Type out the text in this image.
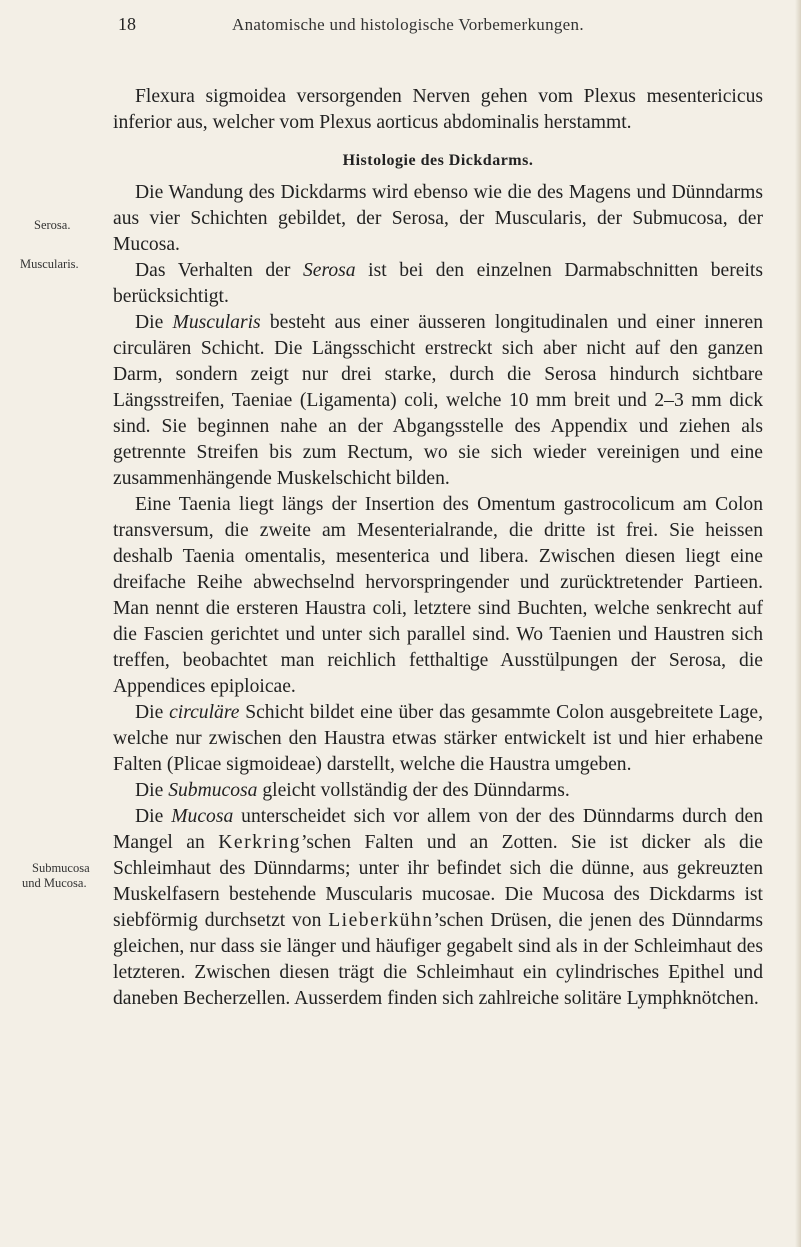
18	Anatomische und histologische Vorbemerkungen.
Serosa.
Muscularis.
Submucosa
und Mucosa.

Flexura sigmoidea versorgenden Nerven gehen vom Plexus mesentericicus inferior aus, welcher vom Plexus aorticus abdominalis herstammt.

Histologie des Dickdarms.

Die Wandung des Dickdarms wird ebenso wie die des Magens und Dünndarms aus vier Schichten gebildet, der Serosa, der Muscularis, der Submucosa, der Mucosa.

Das Verhalten der Serosa ist bei den einzelnen Darmabschnitten bereits berücksichtigt.

Die Muscularis besteht aus einer äusseren longitudinalen und einer inneren circulären Schicht. Die Längsschicht erstreckt sich aber nicht auf den ganzen Darm, sondern zeigt nur drei starke, durch die Serosa hindurch sichtbare Längsstreifen, Taeniae (Ligamenta) coli, welche 10 mm breit und 2–3 mm dick sind. Sie beginnen nahe an der Abgangsstelle des Appendix und ziehen als getrennte Streifen bis zum Rectum, wo sie sich wieder vereinigen und eine zusammenhängende Muskelschicht bilden.

Eine Taenia liegt längs der Insertion des Omentum gastrocolicum am Colon transversum, die zweite am Mesenterialrande, die dritte ist frei. Sie heissen deshalb Taenia omentalis, mesenterica und libera. Zwischen diesen liegt eine dreifache Reihe abwechselnd hervorspringender und zurücktretender Partieen. Man nennt die ersteren Haustra coli, letztere sind Buchten, welche senkrecht auf die Fascien gerichtet und unter sich parallel sind. Wo Taenien und Haustren sich treffen, beobachtet man reichlich fetthaltige Ausstülpungen der Serosa, die Appendices epiploicae.

Die circuläre Schicht bildet eine über das gesammte Colon ausgebreitete Lage, welche nur zwischen den Haustra etwas stärker entwickelt ist und hier erhabene Falten (Plicae sigmoideae) darstellt, welche die Haustra umgeben.

Die Submucosa gleicht vollständig der des Dünndarms.

Die Mucosa unterscheidet sich vor allem von der des Dünndarms durch den Mangel an Kerkring’schen Falten und an Zotten. Sie ist dicker als die Schleimhaut des Dünndarms; unter ihr befindet sich die dünne, aus gekreuzten Muskelfasern bestehende Muscularis mucosae. Die Mucosa des Dickdarms ist siebförmig durchsetzt von Lieberkühn’schen Drüsen, die jenen des Dünndarms gleichen, nur dass sie länger und häufiger gegabelt sind als in der Schleimhaut des letzteren. Zwischen diesen trägt die Schleimhaut ein cylindrisches Epithel und daneben Becherzellen. Ausserdem finden sich zahlreiche solitäre Lymphknötchen.
